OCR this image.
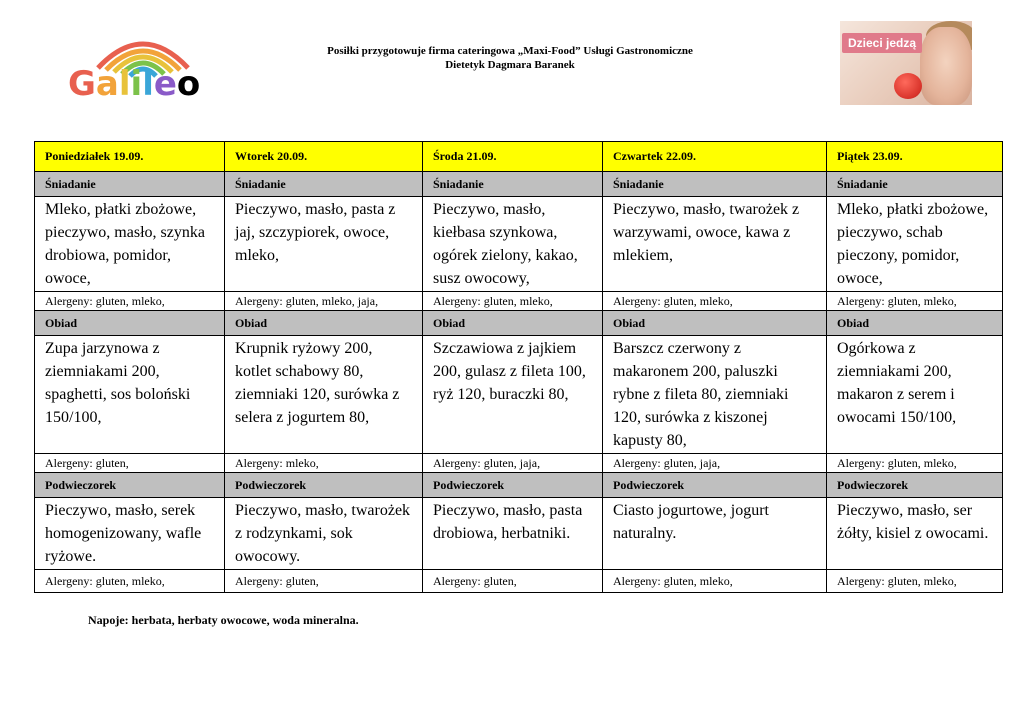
Galileo
Posiłki przygotowuje firma cateringowa „Maxi-Food” Usługi Gastronomiczne
Dietetyk Dagmara Baranek
Dzieci jedzą
Poniedziałek 19.09.	Wtorek 20.09.	Środa 21.09.	Czwartek 22.09.	Piątek 23.09.
Śniadanie	Śniadanie	Śniadanie	Śniadanie	Śniadanie
Mleko, płatki zbożowe, pieczywo, masło, szynka drobiowa, pomidor, owoce,	Pieczywo, masło, pasta z jaj, szczypiorek, owoce, mleko,	Pieczywo, masło, kiełbasa szynkowa, ogórek zielony, kakao, susz owocowy,	Pieczywo, masło, twarożek z warzywami, owoce, kawa z mlekiem,	Mleko, płatki zbożowe, pieczywo, schab pieczony, pomidor, owoce,
Alergeny: gluten, mleko,	Alergeny: gluten, mleko, jaja,	Alergeny: gluten, mleko,	Alergeny: gluten, mleko,	Alergeny: gluten, mleko,
Obiad	Obiad	Obiad	Obiad	Obiad
Zupa jarzynowa z ziemniakami 200, spaghetti, sos boloński 150/100,	Krupnik ryżowy 200, kotlet schabowy 80, ziemniaki 120, surówka z selera z jogurtem 80,	Szczawiowa z jajkiem 200, gulasz z fileta 100, ryż 120, buraczki 80,	Barszcz czerwony z makaronem 200, paluszki rybne z fileta 80, ziemniaki 120, surówka z kiszonej kapusty 80,	Ogórkowa z ziemniakami 200, makaron z serem i owocami 150/100,
Alergeny: gluten,	Alergeny: mleko,	Alergeny: gluten, jaja,	Alergeny: gluten, jaja,	Alergeny: gluten, mleko,
Podwieczorek	Podwieczorek	Podwieczorek	Podwieczorek	Podwieczorek
Pieczywo, masło, serek homogenizowany, wafle ryżowe.	Pieczywo, masło, twarożek z rodzynkami, sok owocowy.	Pieczywo, masło, pasta drobiowa, herbatniki.	Ciasto jogurtowe, jogurt naturalny.	Pieczywo, masło, ser żółty, kisiel z owocami.
Alergeny: gluten, mleko,	Alergeny: gluten,	Alergeny: gluten,	Alergeny: gluten, mleko,	Alergeny: gluten, mleko,
Napoje: herbata, herbaty owocowe, woda mineralna.
